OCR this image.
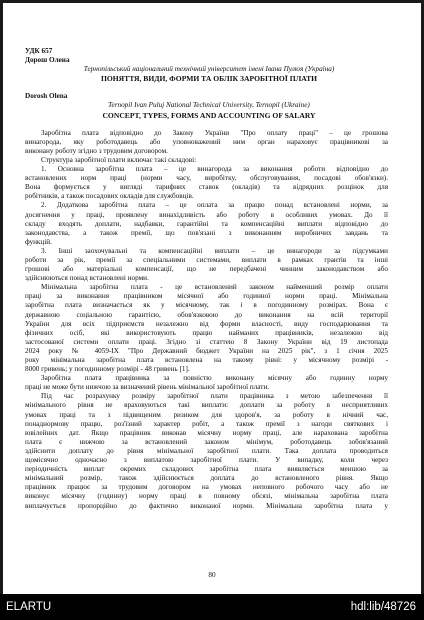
УДК 657
Дорош Олена
Тернопільський національний технічний університет імені Івана Пулюя (Україна)
ПОНЯТТЯ, ВИДИ, ФОРМИ ТА ОБЛІК ЗАРОБІТНОЇ ПЛАТИ
Dorosh Olena
Ternopil Ivan Puluj National Technical University, Ternopil (Ukraine)
CONCEPT, TYPES, FORMS AND ACCOUNTING OF SALARY
Заробітна плата відповідно до Закону України "Про оплату праці" – це грошова
винагорода, яку роботодавець або уповноважений ним орган нараховує працівникові за
виконану роботу згідно з трудовим договором.
Структура заробітної плати включає такі складові:
1. Основна заробітна плата – це винагорода за виконання роботи відповідно до
встановлених норм праці (норми часу, виробітку, обслуговування, посадові обов'язки).
Вона формується у вигляді тарифних ставок (окладів) та відрядних розцінок для
робітників, а також посадових окладів для службовців.
2. Додаткова заробітна плата – це оплата за працю понад встановлені норми, за
досягнення у праці, проявлену винахідливість або роботу в особливих умовах. До її
складу входять доплати, надбавки, гарантійні та компенсаційні виплати відповідно до
законодавства, а також премії, що пов'язані з виконанням виробничих завдань та
функцій.
3. Інші заохочувальні та компенсаційні виплати – це винагороди за підсумками
роботи за рік, премії за спеціальними системами, виплати в рамках грантів та інші
грошові або матеріальні компенсації, що не передбачені чинним законодавством або
здійснюються понад встановлені норми.
Мінімальна заробітна плата - це встановлений законом найменший розмір оплати
праці за виконання працівником місячної або годинної норми праці. Мінімальна
заробітна плата визначається як у місячному, так і в погодинному розмірах. Вона є
державною соціальною гарантією, обов'язковою до виконання на всій території
України для всіх підприємств незалежно від форми власності, виду господарювання та
фізичних осіб, які використовують працю найманих працівників, незалежно від
застосованої системи оплати праці. Згідно зі статтею 8 Закону України від 19 листопада
2024 року № 4059-IX "Про Державний бюджет України на 2025 рік", з 1 січня 2025
року мінімальна заробітна плата встановлена на такому рівні: у місячному розмірі -
8000 гривень; у погодинному розмірі - 48 гривень [1].
Заробітна плата працівника за повністю виконану місячну або годинну норму
праці не може бути нижчою за визначений рівень мінімальної заробітної плати.
Під час розрахунку розміру заробітної плати працівника з метою забезпечення її
мінімального рівня не враховуються такі виплати: доплати за роботу в несприятливих
умовах праці та з підвищеним ризиком для здоров'я, за роботу в нічний час,
понаднормову працю, роз'їзний характер робіт, а також премії з нагоди святкових і
ювілейних дат. Якщо працівник виконав місячну норму праці, але нарахована заробітна
плата є нижчою за встановлений законом мінімум, роботодавець зобов'язаний
здійснити доплату до рівня мінімальної заробітної плати. Така доплата проводиться
щомісячно одночасно з виплатою заробітної плати. У випадку, коли через
періодичність виплат окремих складових заробітна плата виявляється меншою за
мінімальний розмір, також здійснюється доплата до встановленого рівня. Якщо
працівник працює за трудовим договором на умовах неповного робочого часу або не
виконує місячну (годинну) норму праці в повному обсязі, мінімальна заробітна плата
виплачується пропорційно до фактично виконаної норми. Мінімальна заробітна плата у
80
ELARTU	hdl:lib/48726
